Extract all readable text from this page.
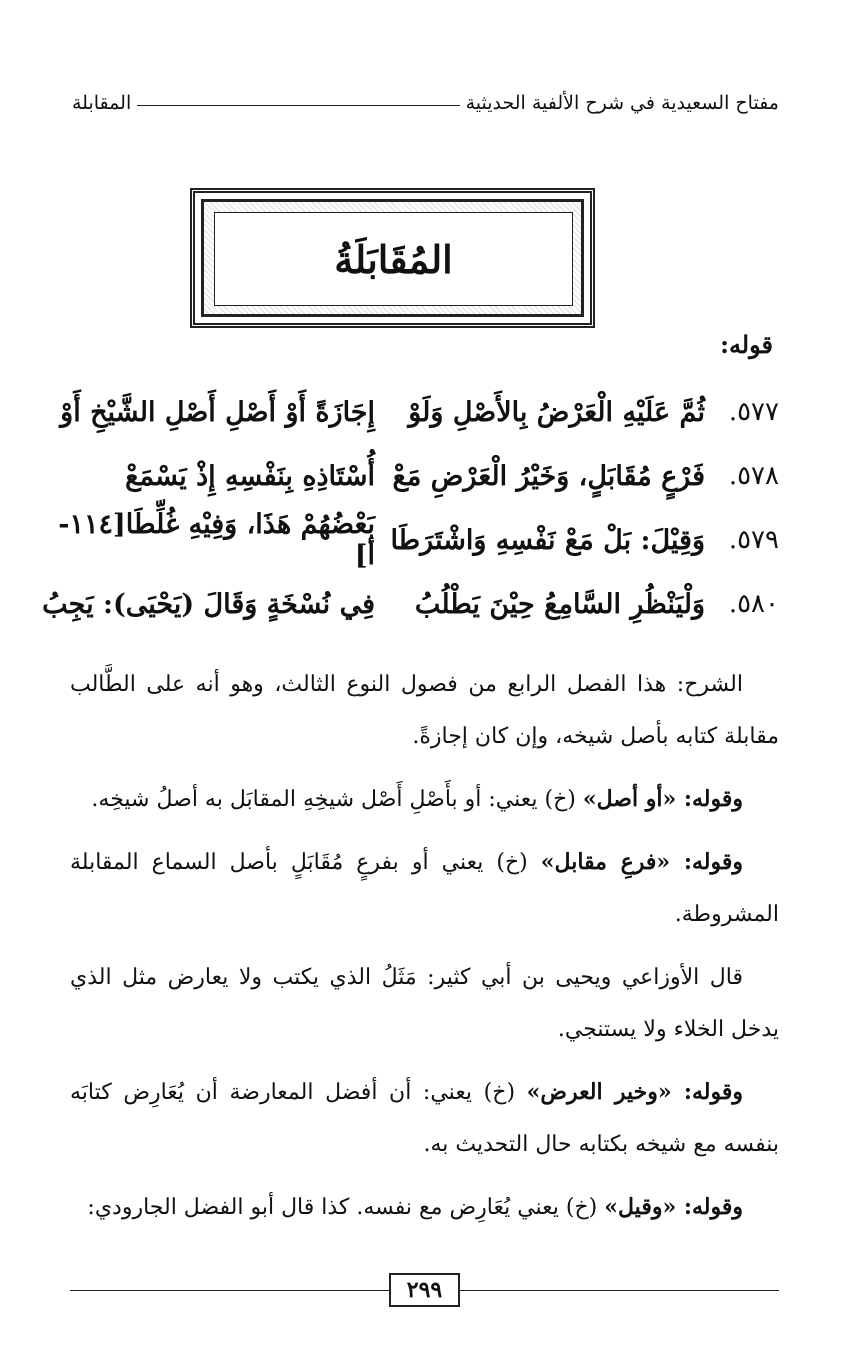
مفتاح السعيدية في شرح الألفية الحديثية
المقابلة
المُقَابَلَةُ
قوله:
٥٧٧.
ثُمَّ عَلَيْهِ الْعَرْضُ بِالأَصْلِ وَلَوْ
إِجَازَةً أَوْ أَصْلِ أَصْلِ الشَّيْخِ أَوْ
٥٧٨.
فَرْعٍ مُقَابَلٍ، وَخَيْرُ الْعَرْضِ مَعْ
أُسْتَاذِهِ بِنَفْسِهِ إِذْ يَسْمَعْ
٥٧٩.
وَقِيْلَ: بَلْ مَعْ نَفْسِهِ وَاشْتَرَطَا
بَعْضُهُمْ هَذَا، وَفِيْهِ غُلِّطَا[١١٤-أ]
٥٨٠.
وَلْيَنْظُرِ السَّامِعُ حِيْنَ يَطْلُبُ
فِي نُسْخَةٍ وَقَالَ (يَحْيَى): يَجِبُ

الشرح: هذا الفصل الرابع من فصول النوع الثالث، وهو أنه على الطَّالب مقابلة كتابه بأصل شيخه، وإن كان إجازةً.

وقوله: «أو أصل» (خ) يعني: أو بأَصْلِ أَصْل شيخِهِ المقابَل به أصلُ شيخِه.

وقوله: «فرعِ مقابل» (خ) يعني أو بفرعٍ مُقَابَلٍ بأصل السماع المقابلة المشروطة.

قال الأوزاعي ويحيى بن أبي كثير: مَثَلُ الذي يكتب ولا يعارض مثل الذي يدخل الخلاء ولا يستنجي.

وقوله: «وخير العرض» (خ) يعني: أن أفضل المعارضة أن يُعَارِض كتابَه بنفسه مع شيخه بكتابه حال التحديث به.

وقوله: «وقيل» (خ) يعني يُعَارِض مع نفسه. كذا قال أبو الفضل الجارودي:

٢٩٩
